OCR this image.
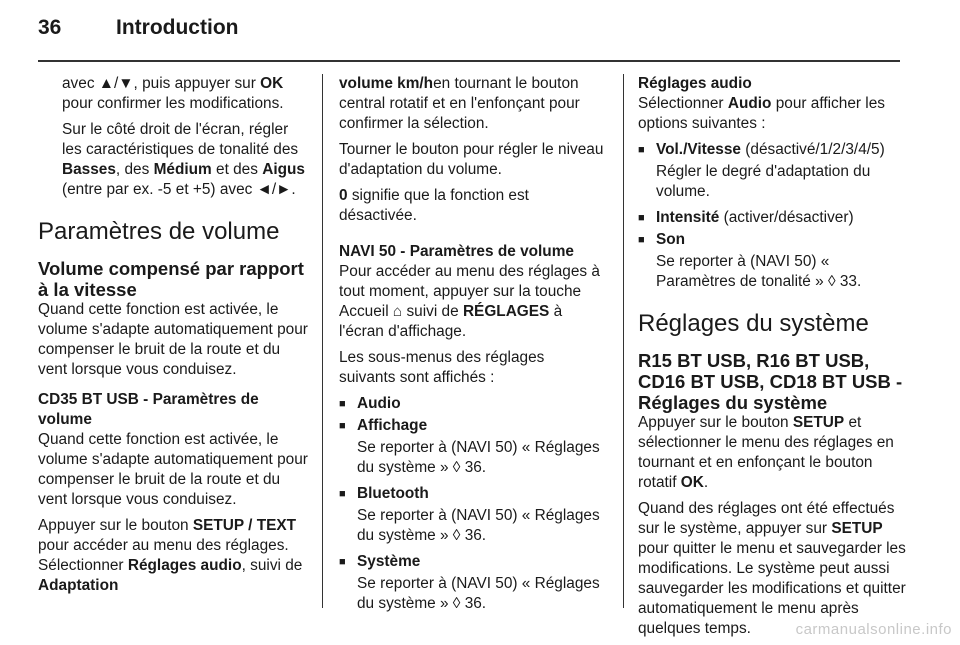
36	Introduction

avec ▲/▼, puis appuyer sur OK pour confirmer les modifications.

Sur le côté droit de l'écran, régler les caractéristiques de tonalité des Basses, des Médium et des Aigus (entre par ex. -5 et +5) avec ◄/►.

Paramètres de volume
Volume compensé par rapport à la vitesse

Quand cette fonction est activée, le volume s'adapte automatiquement pour compenser le bruit de la route et du vent lorsque vous conduisez.

CD35 BT USB - Paramètres de volume

Quand cette fonction est activée, le volume s'adapte automatiquement pour compenser le bruit de la route et du vent lorsque vous conduisez.

Appuyer sur le bouton SETUP / TEXT pour accéder au menu des réglages. Sélectionner Réglages audio, suivi de Adaptation

volume km/hen tournant le bouton central rotatif et en l'enfonçant pour confirmer la sélection.

Tourner le bouton pour régler le niveau d'adaptation du volume.

0 signifie que la fonction est désactivée.

NAVI 50 - Paramètres de volume

Pour accéder au menu des réglages à tout moment, appuyer sur la touche Accueil ⌂ suivi de RÉGLAGES à l'écran d'affichage.

Les sous-menus des réglages suivants sont affichés :

■ Audio
■ Affichage
Se reporter à (NAVI 50) « Réglages du système » ◊ 36.
■ Bluetooth
Se reporter à (NAVI 50) « Réglages du système » ◊ 36.
■ Système
Se reporter à (NAVI 50) « Réglages du système » ◊ 36.
Réglages audio

Sélectionner Audio pour afficher les options suivantes :

■ Vol./Vitesse (désactivé/1/2/3/4/5)
Régler le degré d'adaptation du volume.
■ Intensité (activer/désactiver)
■ Son
Se reporter à (NAVI 50) « Paramètres de tonalité » ◊ 33.
Réglages du système
R15 BT USB, R16 BT USB, CD16 BT USB, CD18 BT USB - Réglages du système

Appuyer sur le bouton SETUP et sélectionner le menu des réglages en tournant et en enfonçant le bouton rotatif OK.

Quand des réglages ont été effectués sur le système, appuyer sur SETUP pour quitter le menu et sauvegarder les modifications. Le système peut aussi sauvegarder les modifications et quitter automatiquement le menu après quelques temps.	carmanualsonline.info
